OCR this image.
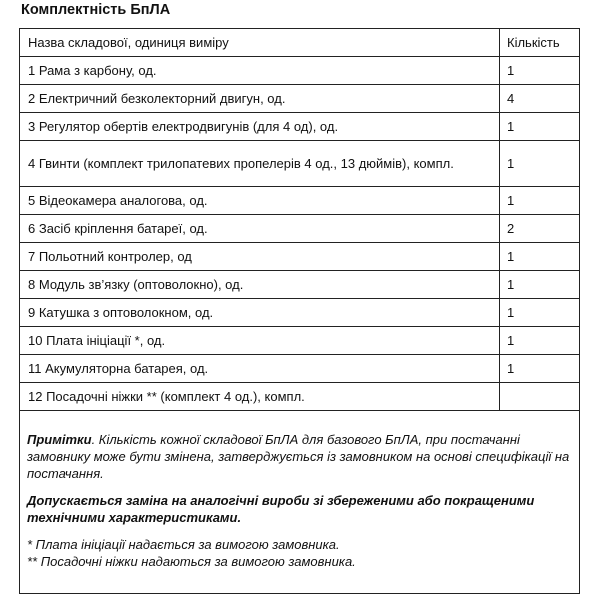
Комплектність БпЛА
Назва складової, одиниця виміру	Кількість
1 Рама з карбону, од.	1
2 Електричний безколекторний двигун, од.	4
3 Регулятор обертів електродвигунів (для 4 од), од.	1
4 Гвинти (комплект трилопатевих пропелерів 4 од., 13 дюймів), компл.	1
5 Відеокамера аналогова, од.	1
6 Засіб кріплення батареї, од.	2
7 Польотний контролер, од	1
8 Модуль зв’язку (оптоволокно), од.	1
9 Катушка з оптоволокном, од.	1
10 Плата ініціації *, од.	1
11 Акумуляторна батарея, од.	1
12 Посадочні ніжки ** (комплект 4 од.), компл.	

Примітки. Кількість кожної складової БпЛА для базового БпЛА, при постачанні замовнику може бути змінена, затверджується із замовником на основі специфікації на постачання.

Допускається заміна на аналогічні вироби зі збереженими або покращеними технічними характеристиками.

* Плата ініціації надається за вимогою замовника.

** Посадочні ніжки надаються за вимогою замовника.
